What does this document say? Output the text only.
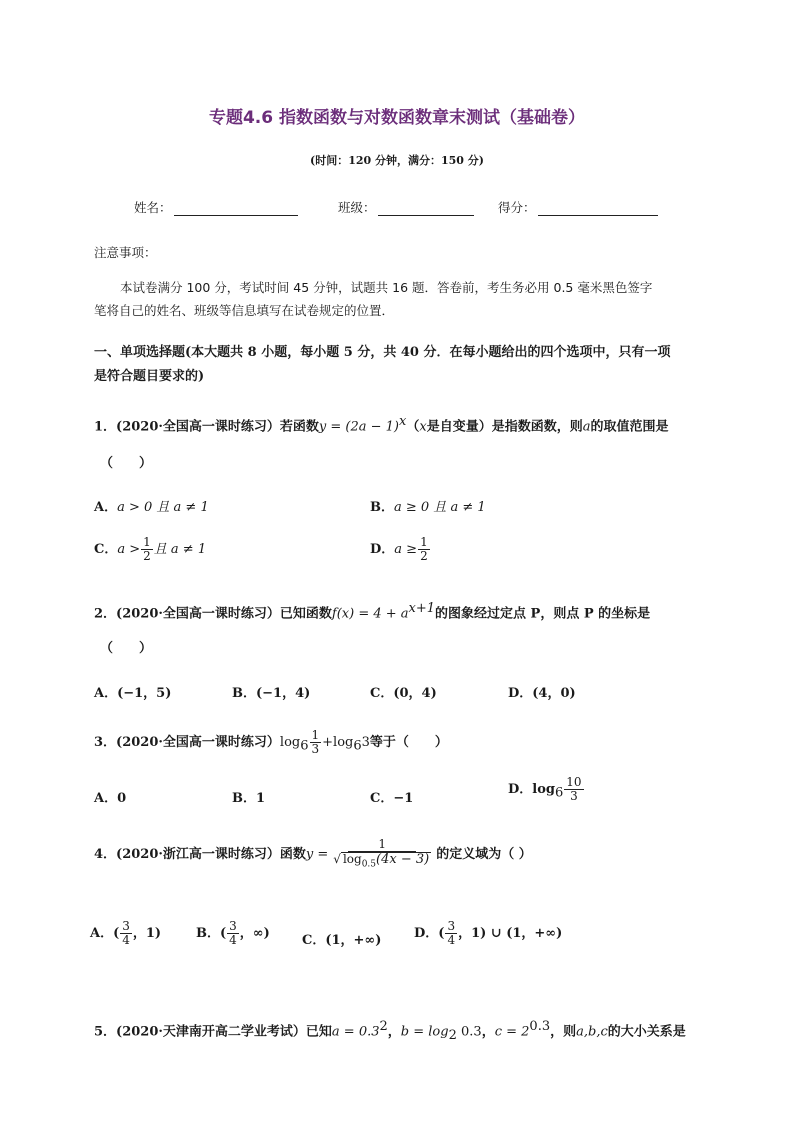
专题4.6 指数函数与对数函数章末测试（基础卷）
(时间：120 分钟，满分：150 分)
姓名：	班级：	得分：
注意事项：
本试卷满分 100 分，考试时间 45 分钟，试题共 16 题．答卷前，考生务必用 0.5 毫米黑色签字
笔将自己的姓名、班级等信息填写在试卷规定的位置．
一、单项选择题(本大题共 8 小题，每小题 5 分，共 40 分．在每小题给出的四个选项中，只有一项
是符合题目要求的)
1．(2020·全国高一课时练习）若函数$y = (2a - 1)^x(x$是自变量）是指数函数，则a的取值范围是
（　　）
A．a > 0 且 a ≠ 1	B．a ≥ 0 且 a ≠ 1
C．$a > \frac{1}{2}$ 且 a ≠ 1	D．$a \ge \frac{1}{2}$
2．(2020·全国高一课时练习）已知函数$f(x) = 4 + a^{x+1}$的图象经过定点 P，则点 P 的坐标是
（　　）
A．(−1，5)	B．(−1，4)	C．(0，4)	D．(4，0)
3．(2020·全国高一课时练习）$\log_6 \frac{1}{3} +\log_63$等于（　　）
A．0	B．1	C．−1
D．$\log_6 \frac{10}{3}$
4．(2020·浙江高一课时练习）函数$y = \frac{1}{√ \log_{0.5}(4x - 3)}$ 的定义域为（ ）
A．( $\frac{3}{4}$ ，1)	B．( $\frac{3}{4}$ ，∞) C．(1，+∞)	D．( $\frac{3}{4}$ ，1) ∪ (1，+∞)
5．(2020·天津南开高二学业考试）已知$a = 0.3^2$，$b = \log_2 0.3$，$c = 2^{0.3}$，则a,b,c的大小关系是
